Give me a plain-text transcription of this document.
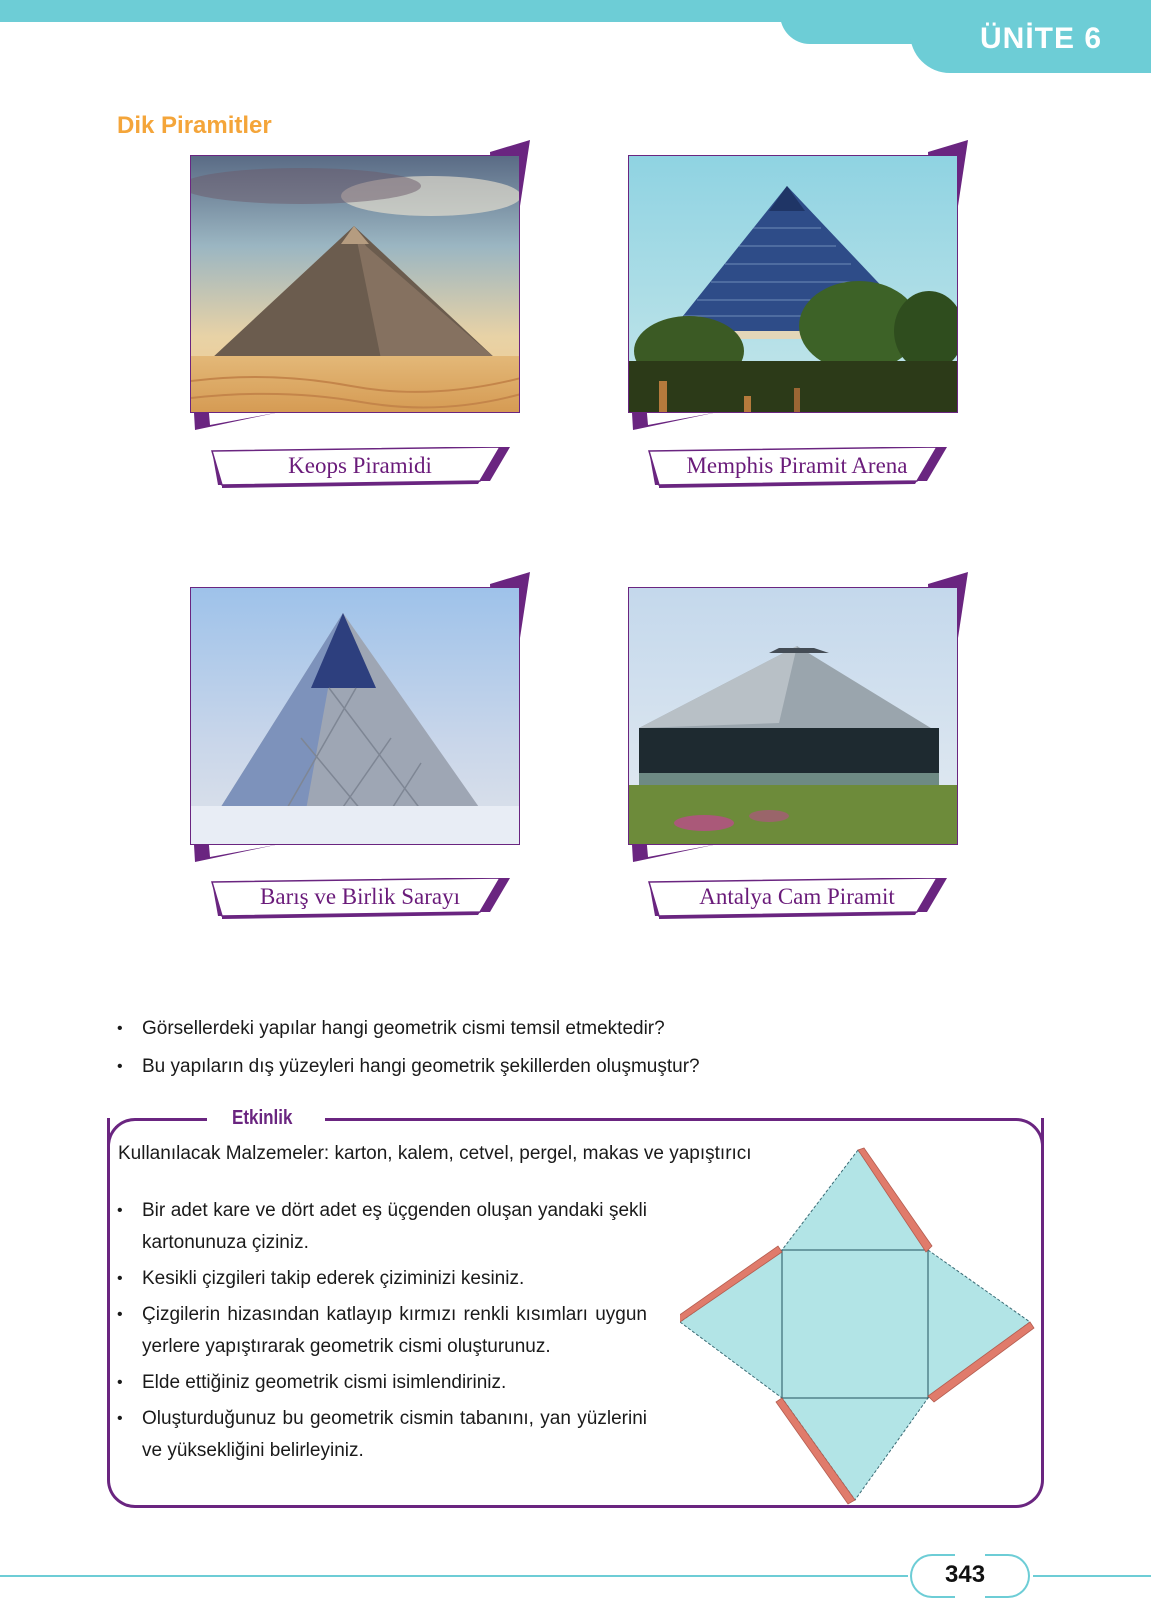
ÜNİTE 6
Dik Piramitler
Keops Piramidi	Memphis Piramit Arena
Barış ve Birlik Sarayı	Antalya Cam Piramit
• Görsellerdeki yapılar hangi geometrik cismi temsil etmektedir?
• Bu yapıların dış yüzeyleri hangi geometrik şekillerden oluşmuştur?
Etkinlik
Kullanılacak Malzemeler: karton, kalem, cetvel, pergel, makas ve yapıştırıcı
• Bir adet kare ve dört adet eş üçgenden oluşan yandaki şekli kartonunuza çiziniz.
• Kesikli çizgileri takip ederek çiziminizi kesiniz.
• Çizgilerin hizasından katlayıp kırmızı renkli kısımları uygun yerlere yapıştırarak geometrik cismi oluşturunuz.
• Elde ettiğiniz geometrik cismi isimlendiriniz.
• Oluşturduğunuz bu geometrik cismin tabanını, yan yüzlerini ve yüksekliğini belirleyiniz.
343
